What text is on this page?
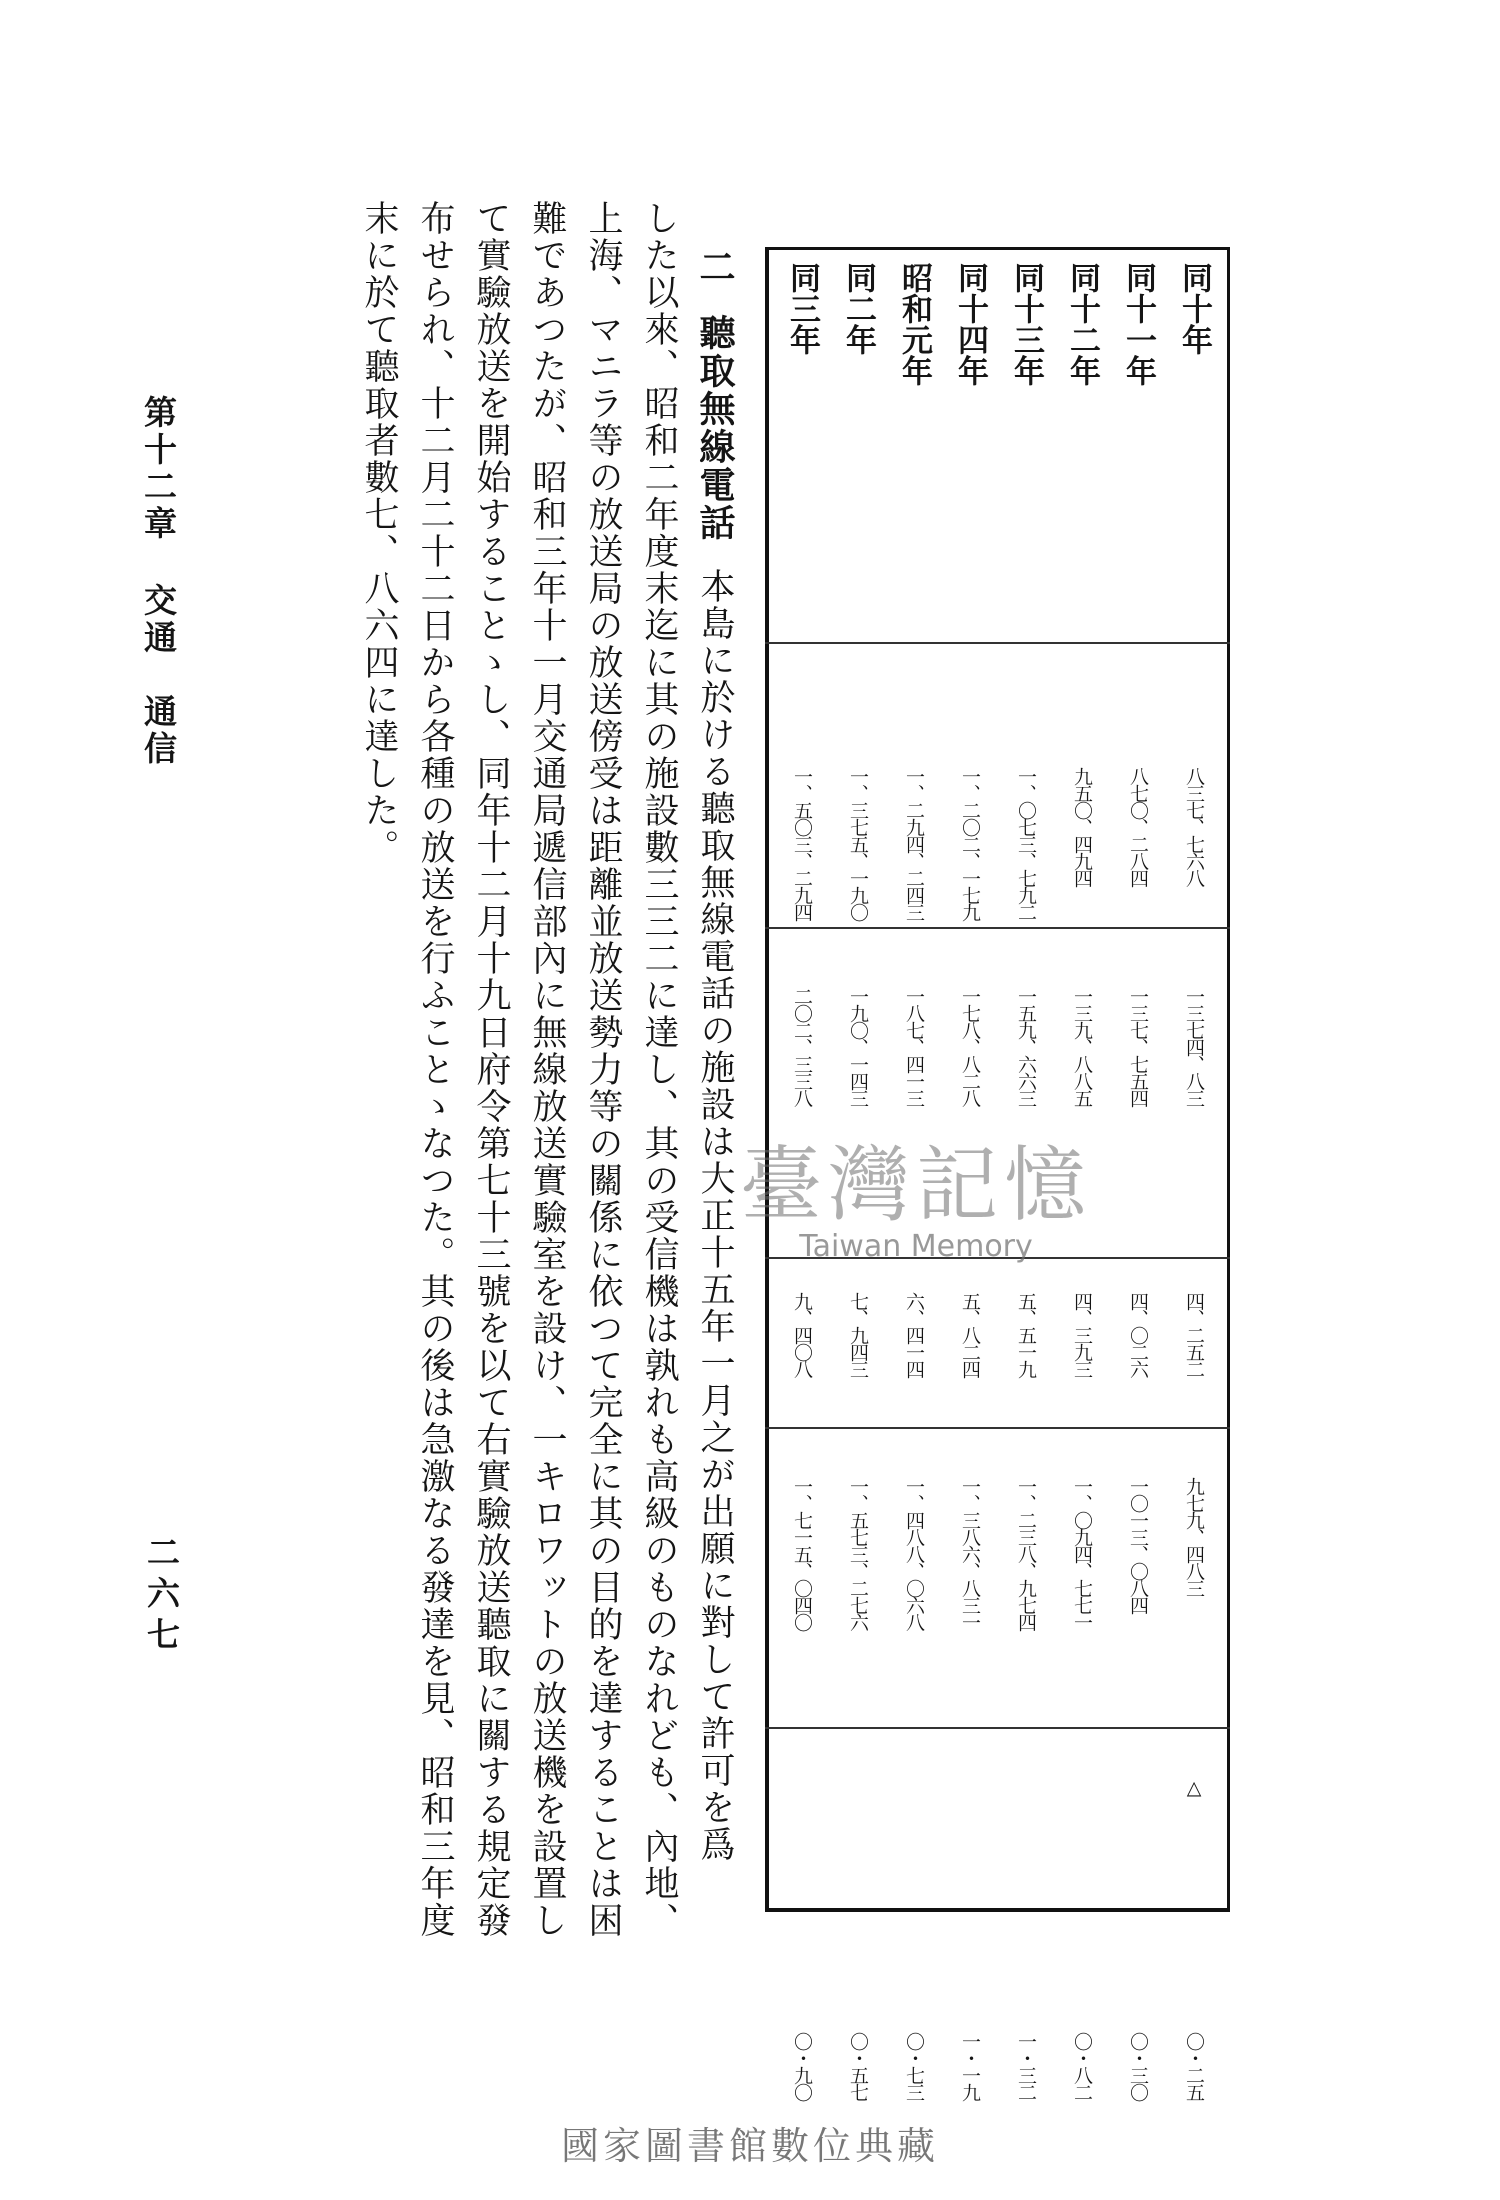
第十二章交通　通信
二六七
二聽取無線電話本島に於ける聽取無線電話の施設は大正十五年一月之が出願に對して許可を爲
した以來、昭和二年度末迄に其の施設數三三二に達し、其の受信機は孰れも高級のものなれども、內地、
上海、マニラ等の放送局の放送傍受は距離並放送勢力等の關係に依つて完全に其の目的を達することは困
難であつたが、昭和三年十一月交通局遞信部內に無線放送實驗室を設け、一キロワットの放送機を設置し
て實驗放送を開始することゝし、同年十二月十九日府令第七十三號を以て右實驗放送聽取に關する規定發
布せられ、十二月二十二日から各種の放送を行ふことゝなつた。其の後は急激なる發達を見、昭和三年度
末に於て聽取者數七、八六四に達した。	同十年
八三七、七六八
一三七四、八三
四、二五二
九七九、四八三
△
〇・二五
同十一年
八七〇、二八四
一三七、七五四
四、〇二六
一〇一三、〇八四
〇・三〇
同十二年
九五〇、四九四
一三九、八八五
四、三九三
一、〇九四、七七一
〇・八二
同十三年
一、〇七三、七九二
一五九、六六三
五、五一九
一、二三八、九七四
一・三二
同十四年
一、二〇二、一七九
一七八、八二八
五、八二四
一、三八六、八三一
一・一九
昭和元年
一、二九四、二四三
一八七、四一三
六、四一四
一、四八八、〇六八
〇・七三
同二年
一、三七五、一九〇
一九〇、一四三
七、九四三
一、五七三、二七六
〇・五七
同三年
一、五〇三、二九四
二〇二、三三八
九、四〇八
一、七一五、〇四〇
〇・九〇
臺灣記憶
Taiwan Memory
國家圖書館數位典藏
